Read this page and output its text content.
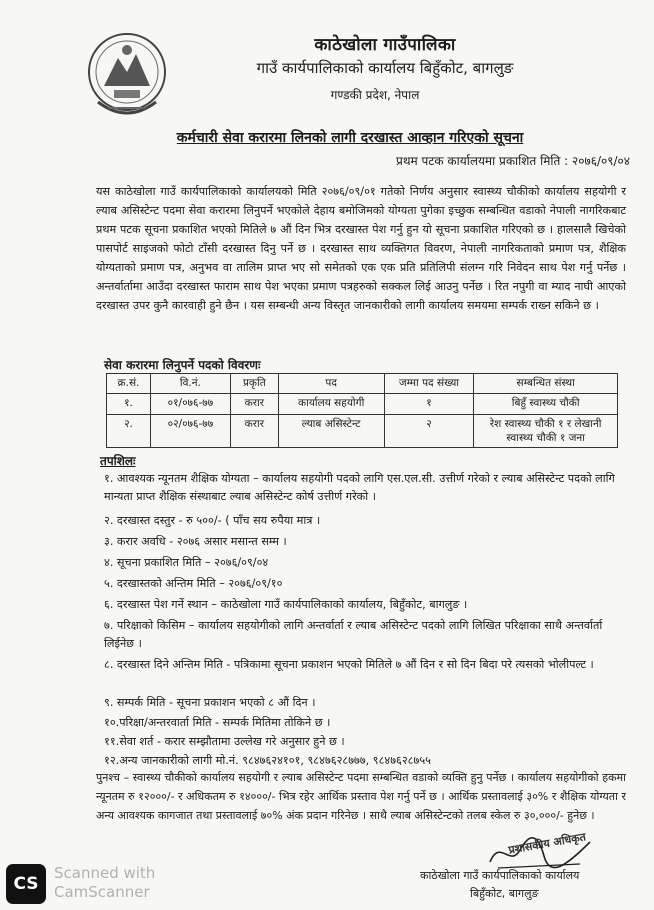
काठेखोला गाउँपालिका
गाउँ कार्यपालिकाको कार्यालय बिहुँकोट, बागलुङ
गण्डकी प्रदेश, नेपाल
कर्मचारी सेवा करारमा लिनको लागी दरखास्त आव्हान गरिएको सूचना
प्रथम पटक कार्यालयमा प्रकाशित मिति : २०७६/०९/०४
यस काठेखोला गाउँ कार्यपालिकाको कार्यालयको मिति २०७६/०९/०१ गतेको निर्णय अनुसार स्वास्थ्य चौकीको कार्यालय सहयोगी र ल्याब असिस्टेन्ट पदमा सेवा करारमा लिनुपर्ने भएकोले देहाय बमोजिमको योग्यता पुगेका इच्छुक सम्बन्धित वडाको नेपाली नागरिकबाट प्रथम पटक सूचना प्रकाशित भएको मितिले ७ औं दिन भित्र दरखास्त पेश गर्नु हुन यो सूचना प्रकाशित गरिएको छ । हालसालै खिचेको पासपोर्ट साइजको फोटो टाँसी दरखास्त दिनु पर्ने छ । दरखास्त साथ व्यक्तिगत विवरण, नेपाली नागरिकताको प्रमाण पत्र, शैक्षिक योग्यताको प्रमाण पत्र, अनुभव वा तालिम प्राप्त भए सो समेतको एक एक प्रति प्रतिलिपी संलग्न गरि निवेदन साथ पेश गर्नु पर्नेछ । अन्तर्वार्तामा आउँदा दरखास्त फाराम साथ पेश भएका प्रमाण पत्रहरुको सक्कल लिई आउनु पर्नेछ । रित नपुगी वा म्याद नाघी आएको दरखास्त उपर कुनै कारवाही हुने छैन । यस सम्बन्धी अन्य विस्तृत जानकारीको लागी कार्यालय समयमा सम्पर्क राख्न सकिने छ ।
सेवा करारमा लिनुपर्ने पदको विवरणः
क्र.सं.	वि.नं.	प्रकृति	पद	जम्मा पद संख्या	सम्बन्धित संस्था
१.	०१/०७६-७७	करार	कार्यालय सहयोगी	१	बिहुँ स्वास्थ्य चौकी
२.	०२/०७६-७७	करार	ल्याब असिस्टेन्ट	२	रेश स्वास्थ्य चौकी १ र लेखानी स्वास्थ्य चौकी १ जना
तपशिलः
१. आवश्यक न्यूनतम शैक्षिक योग्यता – कार्यालय सहयोगी पदको लागि एस.एल.सी. उत्तीर्ण गरेको र ल्याब असिस्टेन्ट पदको लागि मान्यता प्राप्त शैक्षिक संस्थाबाट ल्याब असिस्टेन्ट कोर्ष उत्तीर्ण गरेको ।
२. दरखास्त दस्तुर - रु ५००/- ( पाँच सय रुपैया मात्र ।
३. करार अवधि - २०७६ असार मसान्त सम्म ।
४. सूचना प्रकाशित मिति – २०७६/०९/०४
५. दरखास्तको अन्तिम मिति – २०७६/०९/१०
६. दरखास्त पेश गर्ने स्थान – काठेखोला गाउँ कार्यपालिकाको कार्यालय, बिहुँकोट, बागलुङ ।
७. परिक्षाको किसिम – कार्यालय सहयोगीको लागि अन्तर्वार्ता र ल्याब असिस्टेन्ट पदको लागि लिखित परिक्षाका साथै अन्तर्वार्ता लिईनेछ ।
८. दरखास्त दिने अन्तिम मिति - पत्रिकामा सूचना प्रकाशन भएको मितिले ७ औं दिन र सो दिन बिदा परे त्यसको भोलीपल्ट ।
९. सम्पर्क मिति - सूचना प्रकाशन भएको ८ औं दिन ।
१०.परिक्षा/अन्तरवार्ता मिति - सम्पर्क मितिमा तोकिने छ ।
११.सेवा शर्त - करार सम्झौतामा उल्लेख गरे अनुसार हुने छ ।
१२.अन्य जानकारीको लागी मो.नं. ९८४७६२४१०१, ९८४७६२८७७७, ९८४७६२८७५५
पुनश्च – स्वास्थ्य चौकीको कार्यालय सहयोगी र ल्याब असिस्टेन्ट पदमा सम्बन्धित वडाको व्यक्ति हुनु पर्नेछ । कार्यालय सहयोगीको हकमा न्यूनतम रु १२०००/- र अधिकतम रु १४०००/- भित्र रहेर आर्थिक प्रस्ताव पेश गर्नु पर्ने छ । आर्थिक प्रस्तावलाई ३०% र शैक्षिक योग्यता र अन्य आवश्यक कागजात तथा प्रस्तावलाई ७०% अंक प्रदान गरिनेछ । साथै ल्याब असिस्टेन्टको तलब स्केल रु ३०,०००/- हुनेछ ।
प्रशासकीय अधिकृत
काठेखोला गाउँ कार्यपालिकाको कार्यालय
बिहुँकोट, बागलुङ
CS
Scanned with
CamScanner
